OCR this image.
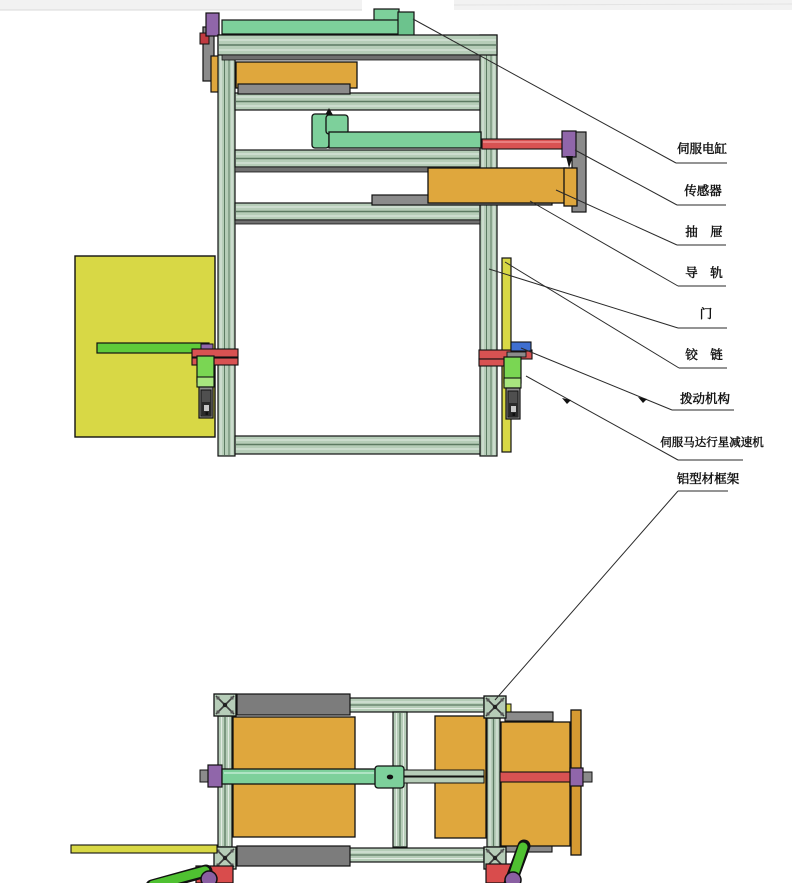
伺服电缸
传感器
抽　屉
导　轨
门
铰　链
拨动机构
伺服马达行星减速机
铝型材框架
